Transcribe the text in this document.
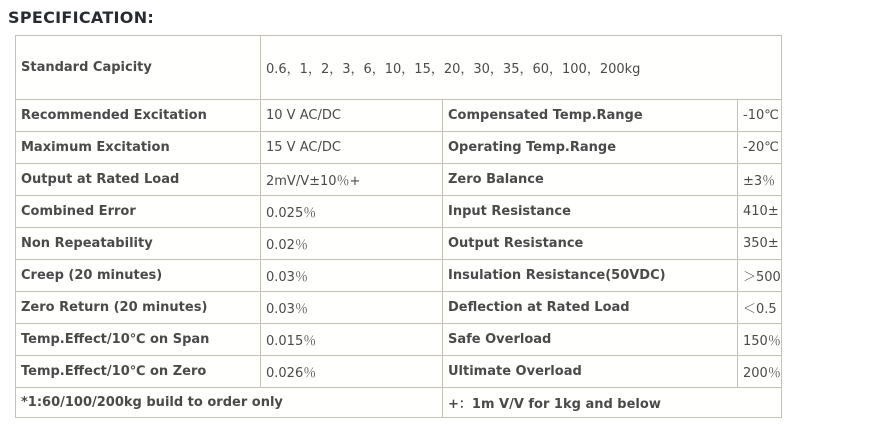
SPECIFICATION:
Standard Capicity	0.6，1，2，3，6，10，15，20，30，35，60，100，200kg		
Recommended Excitation	10 V AC/DC	Compensated Temp.Range	-10℃
Maximum Excitation	15 V AC/DC	Operating Temp.Range	-20℃
Output at Rated Load	2mV/V±10％+	Zero Balance	±3％
Combined Error	0.025％	Input Resistance	410±
Non Repeatability	0.02％	Output Resistance	350±
Creep (20 minutes)	0.03％	Insulation Resistance(50VDC)	＞500
Zero Return (20 minutes)	0.03％	Deflection at Rated Load	＜0.5
Temp.Effect/10℃ on Span	0.015％	Safe Overload	150％
Temp.Effect/10℃ on Zero	0.026％	Ultimate Overload	200％
*1:60/100/200kg build to order only		+：1m V/V for 1kg and below	
